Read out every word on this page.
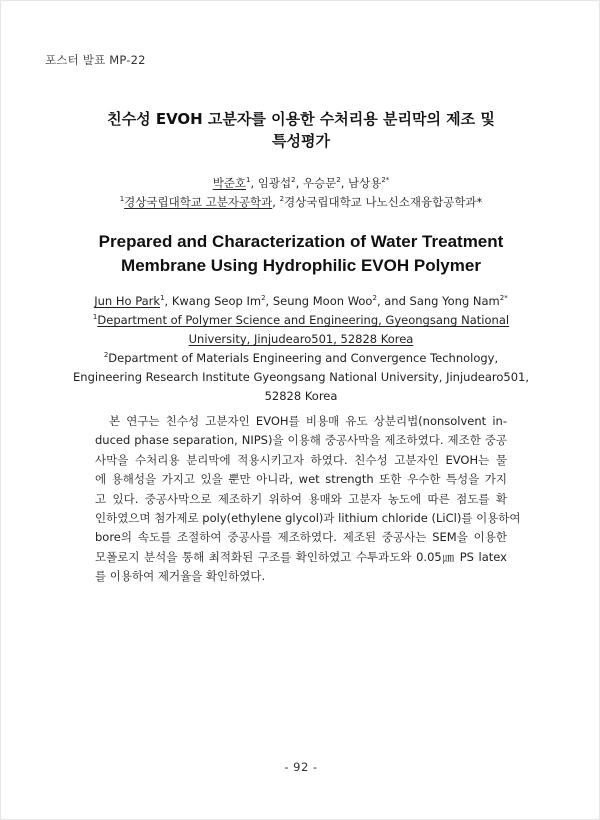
포스터 발표 MP-22
친수성 EVOH 고분자를 이용한 수처리용 분리막의 제조 및
특성평가
박준호$^1$, 임광섭$^2$, 우승문$^2$, 남상용$^{2*}$
$^1$경상국립대학교 고분자공학과, $^2$경상국립대학교 나노신소재융합공학과*
Prepared and Characterization of Water Treatment
Membrane Using Hydrophilic EVOH Polymer
Jun Ho Park$^1$, Kwang Seop Im$^2$, Seung Moon Woo$^2$, and Sang Yong Nam$^{2*}$
$^1$Department of Polymer Science and Engineering, Gyeongsang National
University, Jinjudearo501, 52828 Korea
$^2$Department of Materials Engineering and Convergence Technology,
Engineering Research Institute Gyeongsang National University, Jinjudearo501,
52828 Korea
본 연구는 친수성 고분자인 EVOH를 비용매 유도 상분리법(nonsolvent in-
duced phase separation, NIPS)을 이용해 중공사막을 제조하였다. 제조한 중공
사막을 수처리용 분리막에 적용시키고자 하였다. 친수성 고분자인 EVOH는 물
에 용해성을 가지고 있을 뿐만 아니라, wet strength 또한 우수한 특성을 가지
고 있다. 중공사막으로 제조하기 위하여 용매와 고분자 농도에 따른 점도를 확
인하였으며 첨가제로 poly(ethylene glycol)과 lithium chloride (LiCl)를 이용하여
bore의 속도를 조절하여 중공사를 제조하였다. 제조된 중공사는 SEM을 이용한
모폴로지 분석을 통해 최적화된 구조를 확인하였고 수투과도와 0.05㎛ PS latex
를 이용하여 제거율을 확인하였다.
- 92 -
